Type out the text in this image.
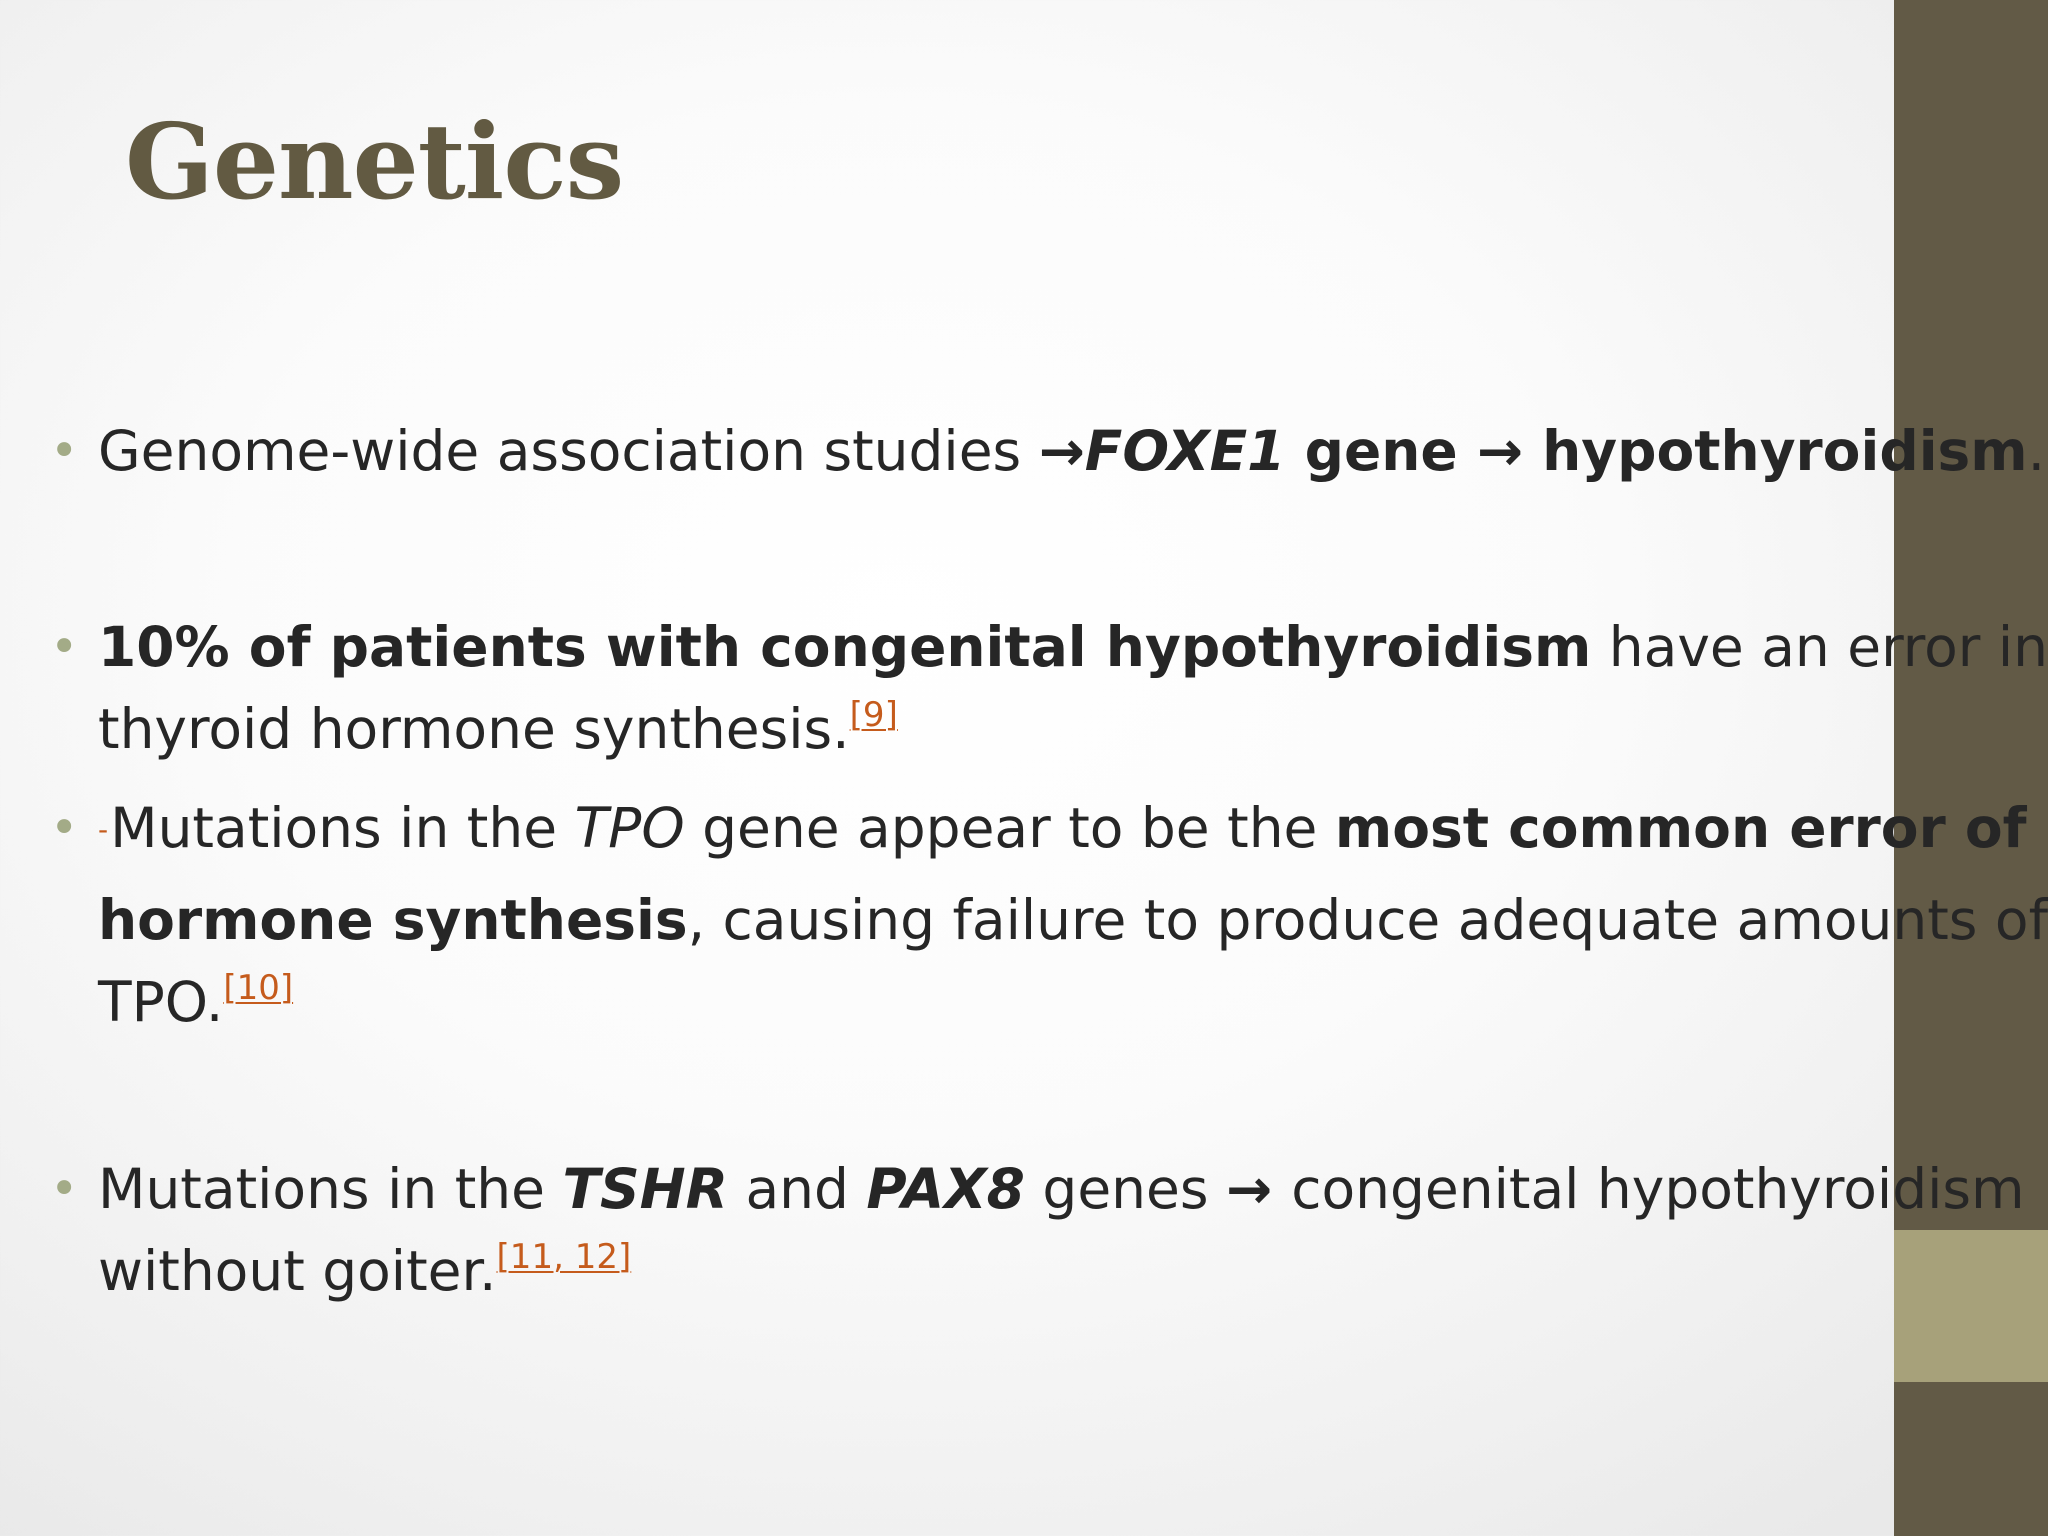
Genetics
• Genome-wide association studies →FOXE1 gene → hypothyroidism.
• 10% of patients with congenital hypothyroidism have an error in
thyroid hormone synthesis.[9]
• -Mutations in the TPO gene appear to be the most common error of
hormone synthesis, causing failure to produce adequate amounts of
TPO.[10]
• Mutations in the TSHR and PAX8 genes → congenital hypothyroidism
without goiter.[11, 12]
